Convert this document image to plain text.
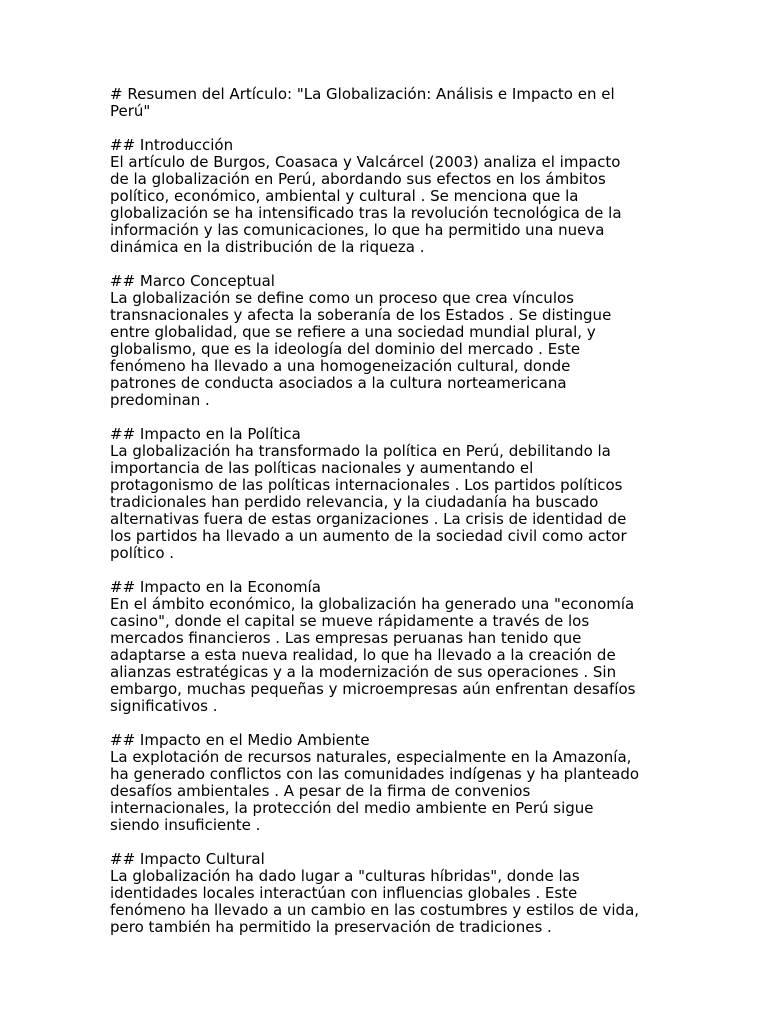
# Resumen del Artículo: "La Globalización: Análisis e Impacto en el
Perú"
## Introducción

El artículo de Burgos, Coasaca y Valcárcel (2003) analiza el impacto
de la globalización en Perú, abordando sus efectos en los ámbitos
político, económico, ambiental y cultural . Se menciona que la
globalización se ha intensificado tras la revolución tecnológica de la
información y las comunicaciones, lo que ha permitido una nueva
dinámica en la distribución de la riqueza .

## Marco Conceptual

La globalización se define como un proceso que crea vínculos
transnacionales y afecta la soberanía de los Estados . Se distingue
entre globalidad, que se refiere a una sociedad mundial plural, y
globalismo, que es la ideología del dominio del mercado . Este
fenómeno ha llevado a una homogeneización cultural, donde
patrones de conducta asociados a la cultura norteamericana
predominan .

## Impacto en la Política

La globalización ha transformado la política en Perú, debilitando la
importancia de las políticas nacionales y aumentando el
protagonismo de las políticas internacionales . Los partidos políticos
tradicionales han perdido relevancia, y la ciudadanía ha buscado
alternativas fuera de estas organizaciones . La crisis de identidad de
los partidos ha llevado a un aumento de la sociedad civil como actor
político .

## Impacto en la Economía

En el ámbito económico, la globalización ha generado una "economía
casino", donde el capital se mueve rápidamente a través de los
mercados financieros . Las empresas peruanas han tenido que
adaptarse a esta nueva realidad, lo que ha llevado a la creación de
alianzas estratégicas y a la modernización de sus operaciones . Sin
embargo, muchas pequeñas y microempresas aún enfrentan desafíos
significativos .

## Impacto en el Medio Ambiente

La explotación de recursos naturales, especialmente en la Amazonía,
ha generado conflictos con las comunidades indígenas y ha planteado
desafíos ambientales . A pesar de la firma de convenios
internacionales, la protección del medio ambiente en Perú sigue
siendo insuficiente .

## Impacto Cultural

La globalización ha dado lugar a "culturas híbridas", donde las
identidades locales interactúan con influencias globales . Este
fenómeno ha llevado a un cambio en las costumbres y estilos de vida,
pero también ha permitido la preservación de tradiciones .
